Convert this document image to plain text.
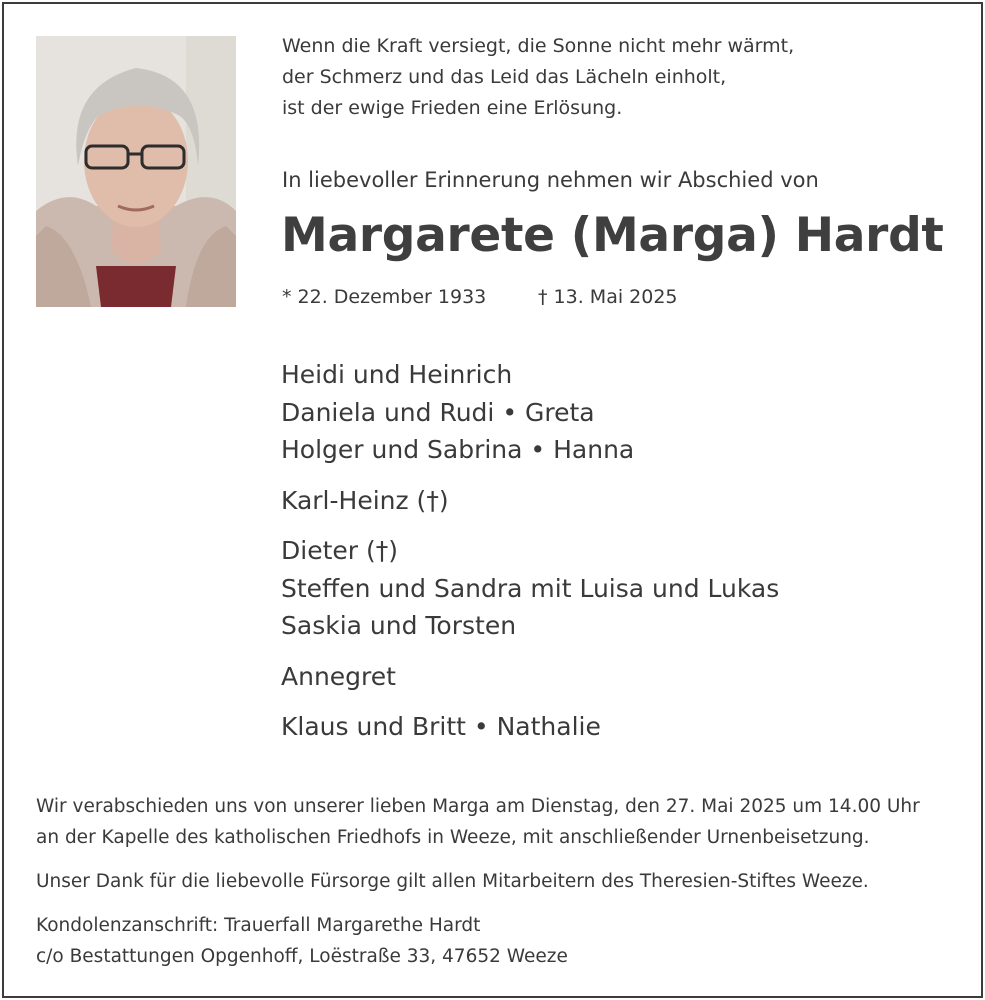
Wenn die Kraft versiegt, die Sonne nicht mehr wärmt,
der Schmerz und das Leid das Lächeln einholt,
ist der ewige Frieden eine Erlösung.
In liebevoller Erinnerung nehmen wir Abschied von
Margarete (Marga) Hardt
* 22. Dezember 1933	† 13. Mai 2025
Heidi und Heinrich
Daniela und Rudi • Greta
Holger und Sabrina • Hanna
Karl-Heinz (†)
Dieter (†)
Steffen und Sandra mit Luisa und Lukas
Saskia und Torsten
Annegret
Klaus und Britt • Nathalie
Wir verabschieden uns von unserer lieben Marga am Dienstag, den 27. Mai 2025 um 14.00 Uhr
an der Kapelle des katholischen Friedhofs in Weeze, mit anschließender Urnenbeisetzung.
Unser Dank für die liebevolle Fürsorge gilt allen Mitarbeitern des Theresien-Stiftes Weeze.
Kondolenzanschrift: Trauerfall Margarethe Hardt
c/o Bestattungen Opgenhoff, Loëstraße 33, 47652 Weeze
